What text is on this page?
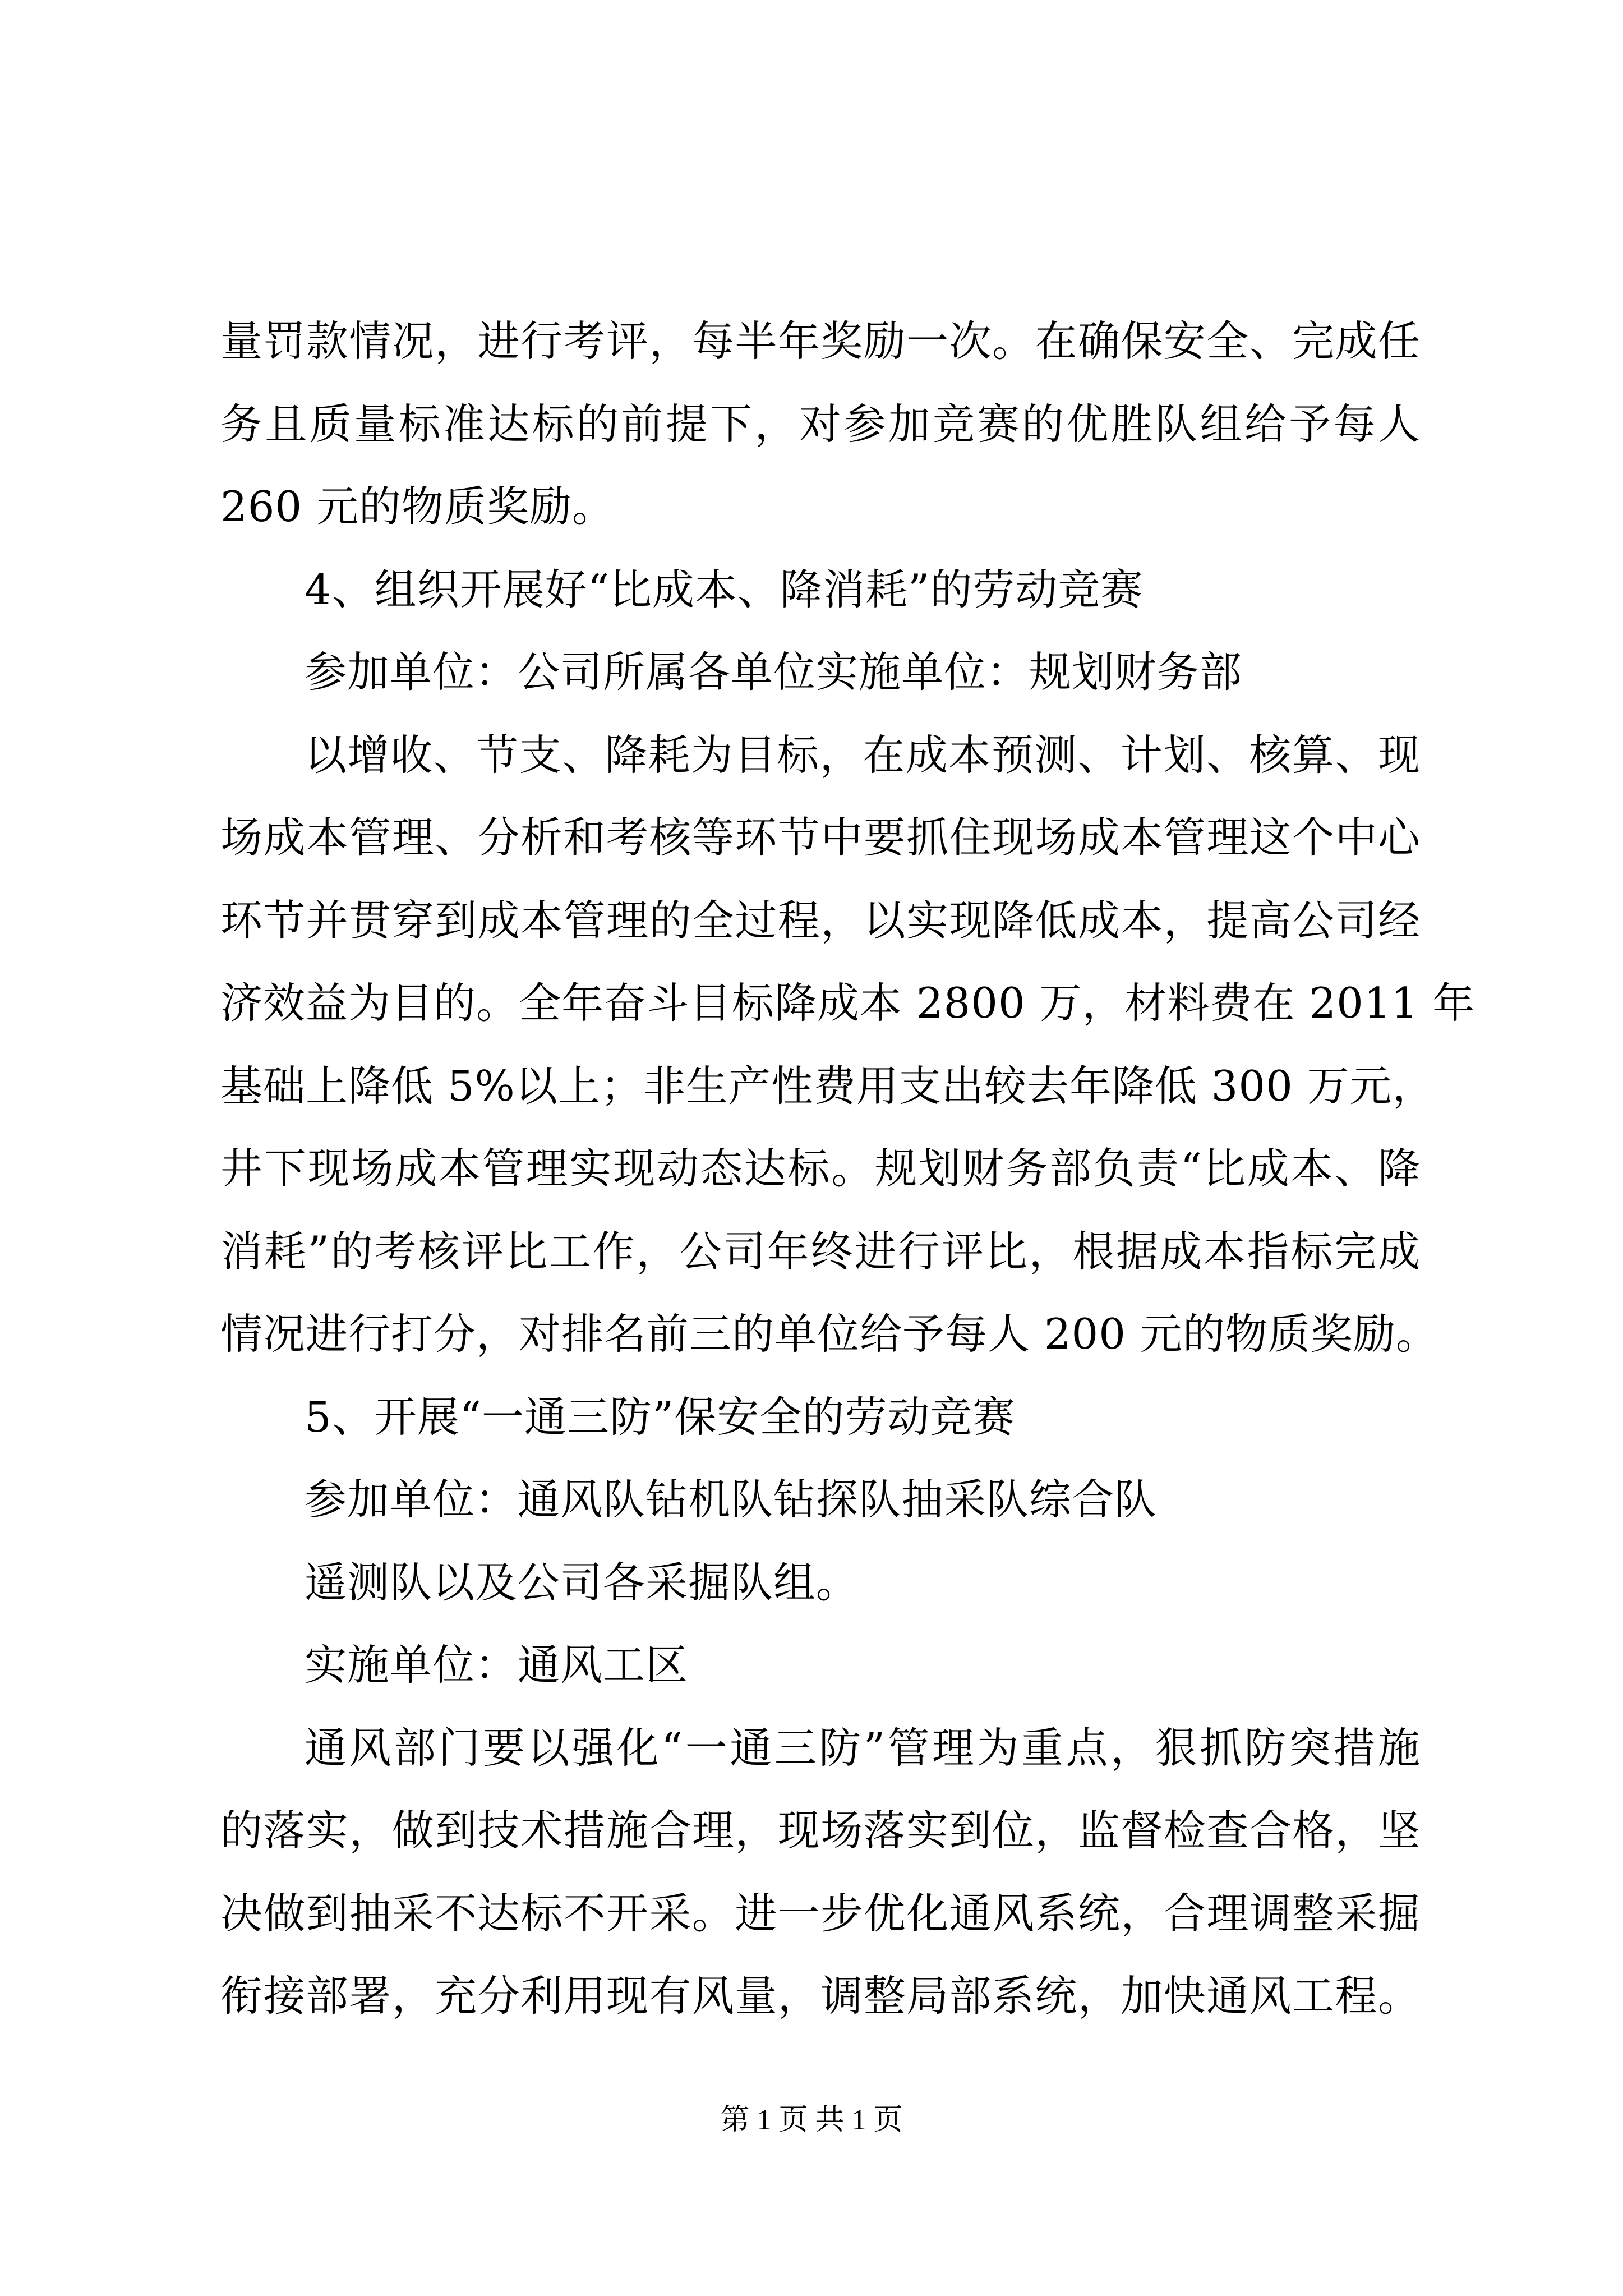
量罚款情况，进行考评，每半年奖励一次。在确保安全、完成任
务且质量标准达标的前提下，对参加竞赛的优胜队组给予每人
260 元的物质奖励。
4、组织开展好“比成本、降消耗”的劳动竞赛
参加单位：公司所属各单位实施单位：规划财务部
以增收、节支、降耗为目标，在成本预测、计划、核算、现
场成本管理、分析和考核等环节中要抓住现场成本管理这个中心
环节并贯穿到成本管理的全过程，以实现降低成本，提高公司经
济效益为目的。全年奋斗目标降成本 2800 万，材料费在 2011 年
基础上降低 5%以上；非生产性费用支出较去年降低 300 万元，
井下现场成本管理实现动态达标。规划财务部负责“比成本、降
消耗”的考核评比工作，公司年终进行评比，根据成本指标完成
情况进行打分，对排名前三的单位给予每人 200 元的物质奖励。
5、开展“一通三防”保安全的劳动竞赛
参加单位：通风队钻机队钻探队抽采队综合队
遥测队以及公司各采掘队组。
实施单位：通风工区
通风部门要以强化“一通三防”管理为重点，狠抓防突措施
的落实，做到技术措施合理，现场落实到位，监督检查合格，坚
决做到抽采不达标不开采。进一步优化通风系统，合理调整采掘
衔接部署，充分利用现有风量，调整局部系统，加快通风工程。
第 1 页 共 1 页
